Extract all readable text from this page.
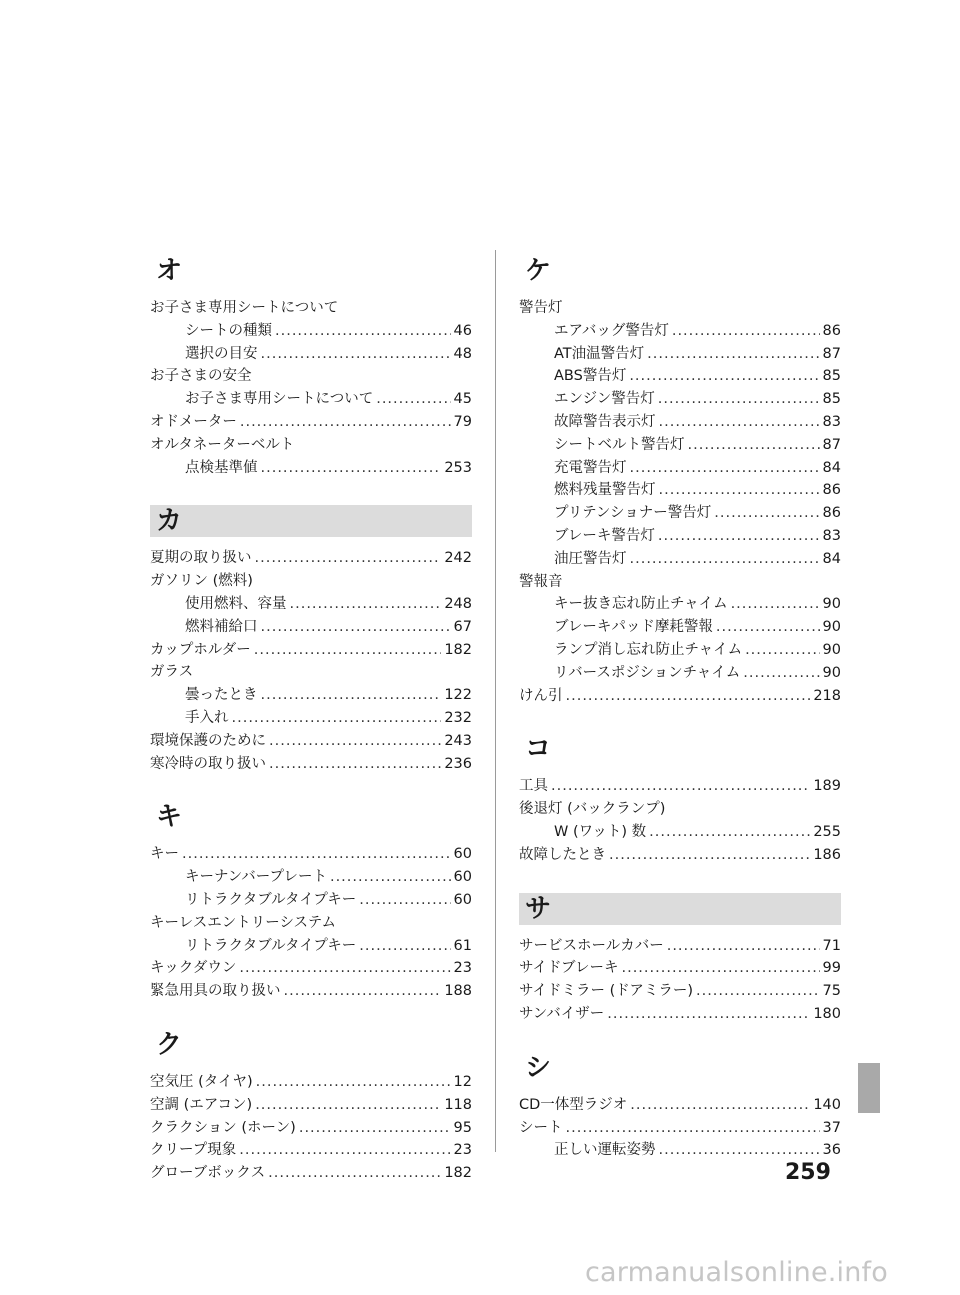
オ
お子さま専用シートについて
シートの種類 .....	46
選択の目安 .....	48
お子さまの安全
お子さま専用シートについて .....	45
オドメーター .....	79
オルタネーターベルト
点検基準値 .....	253
カ
夏期の取り扱い .....	242
ガソリン (燃料)
使用燃料、容量 .....	248
燃料補給口 .....	67
カップホルダー .....	182
ガラス
曇ったとき .....	122
手入れ .....	232
環境保護のために .....	243
寒冷時の取り扱い .....	236
キ
キー .....	60
キーナンバープレート .....	60
リトラクタブルタイプキー .....	60
キーレスエントリーシステム
リトラクタブルタイプキー .....	61
キックダウン .....	23
緊急用具の取り扱い .....	188
ク
空気圧 (タイヤ) .....	12
空調 (エアコン) .....	118
クラクション (ホーン) .....	95
クリープ現象 .....	23
グローブボックス .....	182
ケ
警告灯
エアバッグ警告灯 .....	86
AT油温警告灯 .....	87
ABS警告灯 .....	85
エンジン警告灯 .....	85
故障警告表示灯 .....	83
シートベルト警告灯 .....	87
充電警告灯 .....	84
燃料残量警告灯 .....	86
プリテンショナー警告灯 .....	86
ブレーキ警告灯 .....	83
油圧警告灯 .....	84
警報音
キー抜き忘れ防止チャイム .....	90
ブレーキパッド摩耗警報 .....	90
ランプ消し忘れ防止チャイム .....	90
リバースポジションチャイム .....	90
けん引 .....	218
コ
工具 .....	189
後退灯 (バックランプ)
W (ワット) 数 .....	255
故障したとき .....	186
サ
サービスホールカバー .....	71
サイドブレーキ .....	99
サイドミラー (ドアミラー) .....	75
サンバイザー .....	180
シ
CD一体型ラジオ .....	140
シート .....	37
正しい運転姿勢 .....	36
259
carmanualsonline.info
